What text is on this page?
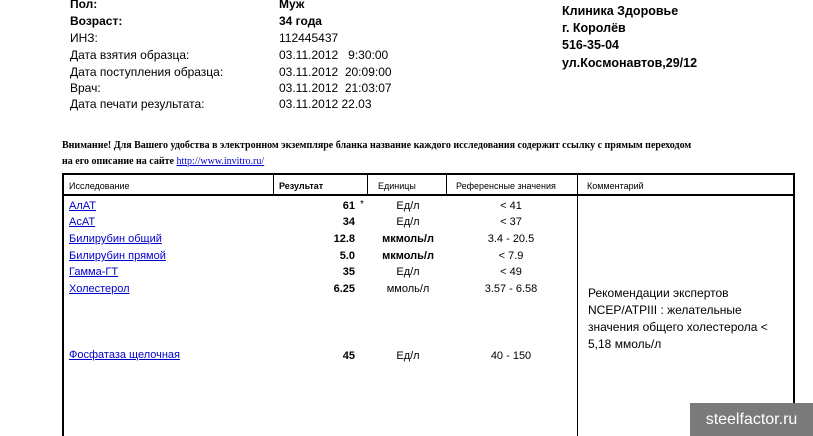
Пол:	Муж
Возраст:	34 года
ИНЗ:	112445437
Дата взятия образца:	03.11.2012   9:30:00
Дата поступления образца:	03.11.2012  20:09:00
Врач:	03.11.2012  21:03:07
Дата печати результата:	03.11.2012 22.03
Клиника Здоровье
г. Королёв
516-35-04
ул.Космонавтов,29/12
Внимание! Для Вашего удобства в электронном экземпляре бланка название каждого исследования содержит ссылку с прямым переходом
на его описание на сайте http://www.invitro.ru/
Исследование	Результат	Единицы	Референсные значения	Комментарий
АлАТ	61 *	Ед/л	< 41
АсАТ	34	Ед/л	< 37
Билирубин общий	12.8	мкмоль/л	3.4 - 20.5
Билирубин прямой	5.0	мкмоль/л	< 7.9
Гамма-ГТ	35	Ед/л	< 49
Холестерол	6.25	ммоль/л	3.57 - 6.58
Фосфатаза щелочная	45	Ед/л	40 - 150
Рекомендации экспертов NCEP/ATPIII : желательные значения общего холестерола < 5,18 ммоль/л
steelfactor.ru
